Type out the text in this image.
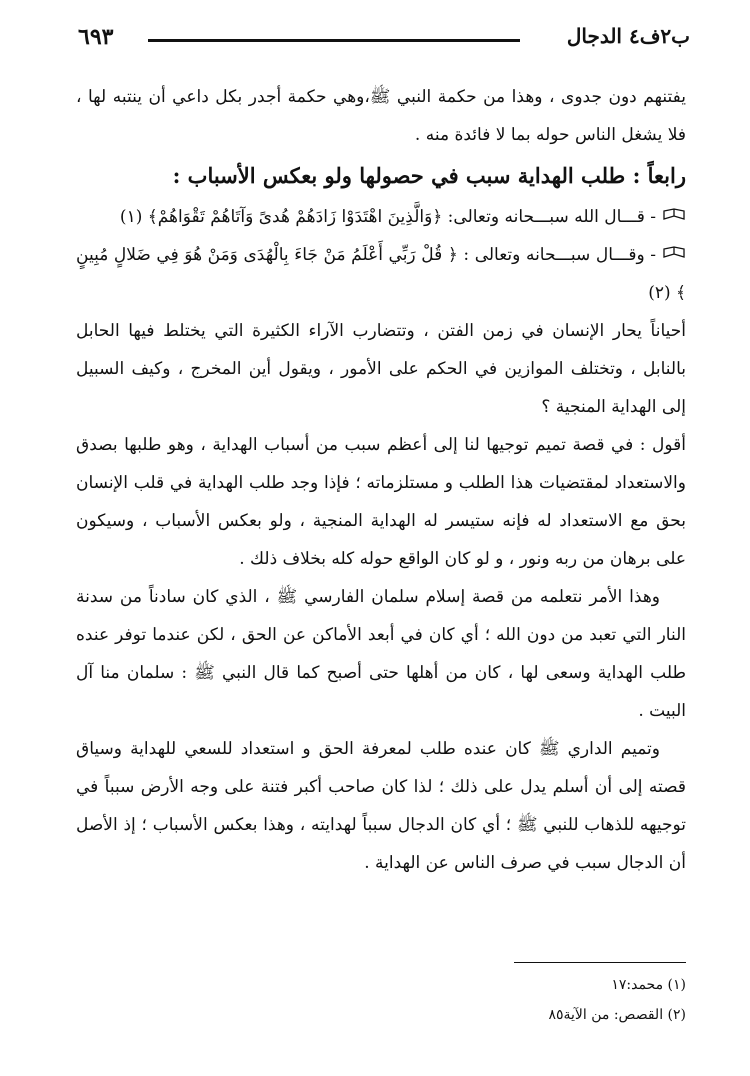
ب٢ف٤ الدجال
٦٩٣

يفتنهم دون جدوى ، وهذا من حكمة النبي ﷺ،وهي حكمة أجدر بكل داعي أن ينتبه لها ، فلا يشغل الناس حوله بما لا فائدة منه .

رابعاً : طلب الهداية سبب في حصولها ولو بعكس الأسباب :

- قـــال الله سبـــحانه وتعالى: ﴿وَالَّذِينَ اهْتَدَوْا زَادَهُمْ هُدىً وَآتَاهُمْ تَقْوَاهُمْ﴾ (١)

- وقـــال سبـــحانه وتعالى : ﴿ قُلْ رَبِّي أَعْلَمُ مَنْ جَاءَ بِالْهُدَى وَمَنْ هُوَ فِي ضَلالٍ مُبِينٍ ﴾ (٢)

أحياناً يحار الإنسان في زمن الفتن ، وتتضارب الآراء الكثيرة التي يختلط فيها الحابل بالنابل ، وتختلف الموازين في الحكم على الأمور ، ويقول أين المخرج ، وكيف السبيل إلى الهداية المنجية ؟

أقول : في قصة تميم توجيها لنا إلى أعظم سبب من أسباب الهداية ، وهو طلبها بصدق والاستعداد لمقتضيات هذا الطلب و مستلزماته ؛ فإذا وجد طلب الهداية في قلب الإنسان بحق مع الاستعداد له فإنه ستيسر له الهداية المنجية ، ولو بعكس الأسباب ، وسيكون على برهان من ربه ونور ، و لو كان الواقع حوله كله بخلاف ذلك .

وهذا الأمر نتعلمه من قصة إسلام سلمان الفارسي ﷺ ، الذي كان سادناً من سدنة النار التي تعبد من دون الله ؛ أي كان في أبعد الأماكن عن الحق ، لكن عندما توفر عنده طلب الهداية وسعى لها ، كان من أهلها حتى أصبح كما قال النبي ﷺ : سلمان منا آل البيت .

وتميم الداري ﷺ كان عنده طلب لمعرفة الحق و استعداد للسعي للهداية وسياق قصته إلى أن أسلم يدل على ذلك ؛ لذا كان صاحب أكبر فتنة على وجه الأرض سبباً في توجيهه للذهاب للنبي ﷺ ؛ أي كان الدجال سبباً لهدايته ، وهذا بعكس الأسباب ؛ إذ الأصل أن الدجال سبب في صرف الناس عن الهداية .

(١) محمد:١٧

(٢) القصص: من الآية٨٥
